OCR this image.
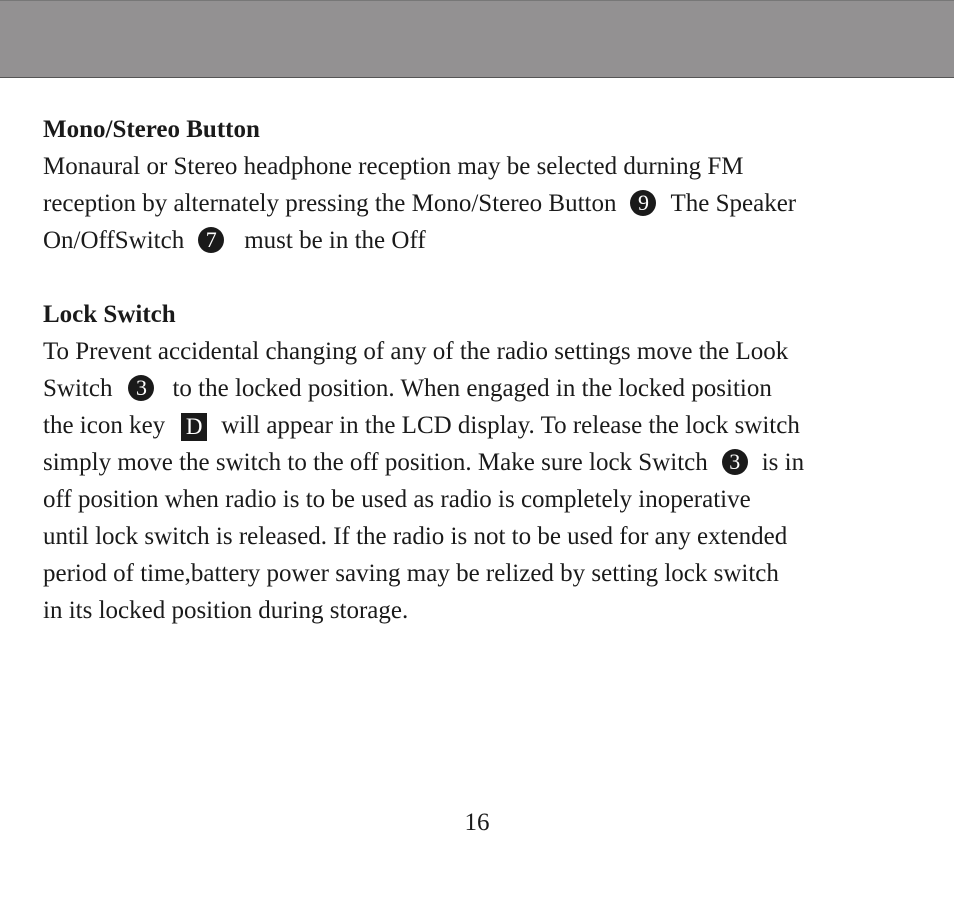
Mono/Stereo Button

Monaural or Stereo headphone reception may be selected durning FM

reception by alternately pressing the Mono/Stereo Button 9 The Speaker

On/OffSwitch 7 must be in the Off

Lock Switch

To Prevent accidental changing of any of the radio settings move the Look

Switch 3 to the locked position. When engaged in the locked position

the icon key D will appear in the LCD display. To release the lock switch

simply move the switch to the off position. Make sure lock Switch 3 is in

off position when radio is to be used as radio is completely inoperative

until lock switch is released. If the radio is not to be used for any extended

period of time,battery power saving may be relized by setting lock switch

in its locked position during storage.

16
